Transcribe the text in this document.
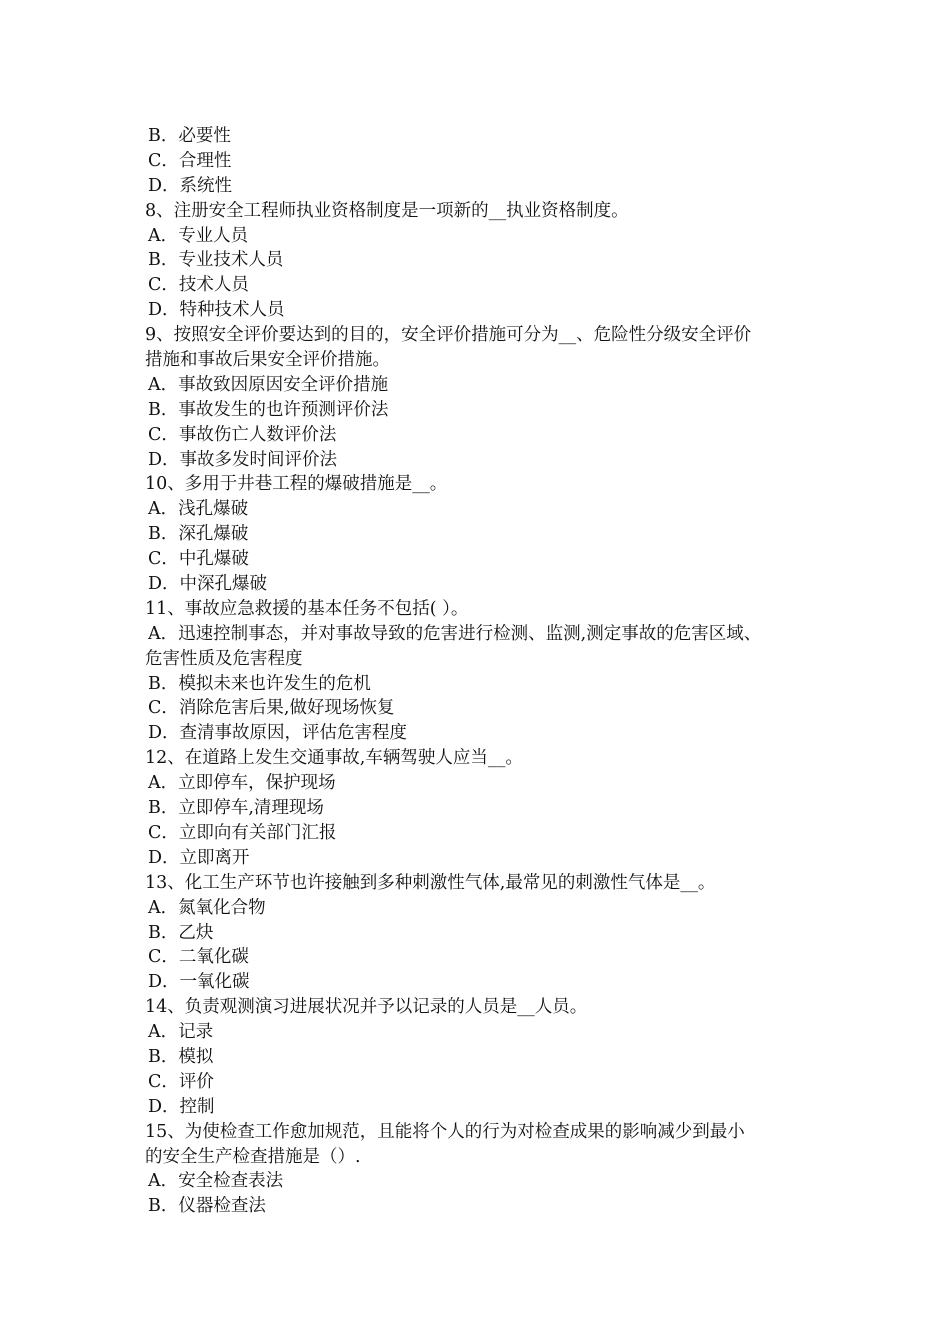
B．必要性
C．合理性
D．系统性
8、注册安全工程师执业资格制度是一项新的__执业资格制度。
A．专业人员
B．专业技术人员
C．技术人员
D．特种技术人员
9、按照安全评价要达到的目的，安全评价措施可分为__、危险性分级安全评价
措施和事故后果安全评价措施。
A．事故致因原因安全评价措施
B．事故发生的也许预测评价法
C．事故伤亡人数评价法
D．事故多发时间评价法
10、多用于井巷工程的爆破措施是__。
A．浅孔爆破
B．深孔爆破
C．中孔爆破
D．中深孔爆破
11、事故应急救援的基本任务不包括( ）。
A．迅速控制事态，并对事故导致的危害进行检测、监测,测定事故的危害区域、
危害性质及危害程度
B．模拟未来也许发生的危机
C．消除危害后果,做好现场恢复
D．查清事故原因，评估危害程度
12、在道路上发生交通事故,车辆驾驶人应当__。
A．立即停车，保护现场
B．立即停车,清理现场
C．立即向有关部门汇报
D．立即离开
13、化工生产环节也许接触到多种刺激性气体,最常见的刺激性气体是__。
A．氮氧化合物
B．乙炔
C．二氧化碳
D．一氧化碳
14、负责观测演习进展状况并予以记录的人员是__人员。
A．记录
B．模拟
C．评价
D．控制
15、为使检查工作愈加规范，且能将个人的行为对检查成果的影响减少到最小
的安全生产检查措施是（）.
A．安全检查表法
B．仪器检查法
